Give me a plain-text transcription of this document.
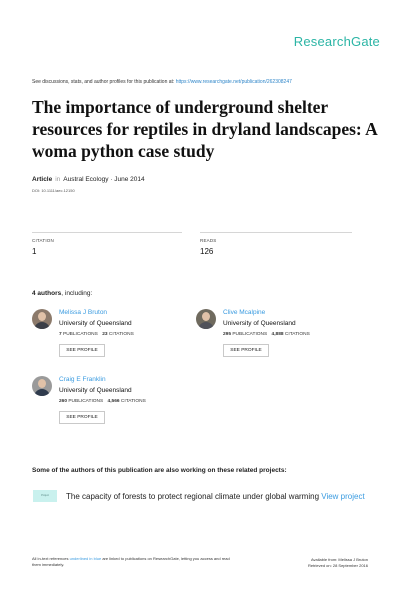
ResearchGate
See discussions, stats, and author profiles for this publication at: https://www.researchgate.net/publication/262308247
The importance of underground shelter resources for reptiles in dryland landscapes: A woma python case study
Article in Austral Ecology · June 2014
DOI: 10.1111/aec.12150
CITATION
1
READS
126
4 authors, including:
Melissa J Bruton
University of Queensland
7 PUBLICATIONS 23 CITATIONS
SEE PROFILE
Clive Mcalpine
University of Queensland
295 PUBLICATIONS 4,888 CITATIONS
SEE PROFILE
Craig E Franklin
University of Queensland
260 PUBLICATIONS 4,566 CITATIONS
SEE PROFILE
Some of the authors of this publication are also working on these related projects:
Project	The capacity of forests to protect regional climate under global warming View project
All in-text references underlined in blue are linked to publications on ResearchGate, letting you access and read them immediately.
Available from: Melissa J Bruton
Retrieved on: 28 September 2016
